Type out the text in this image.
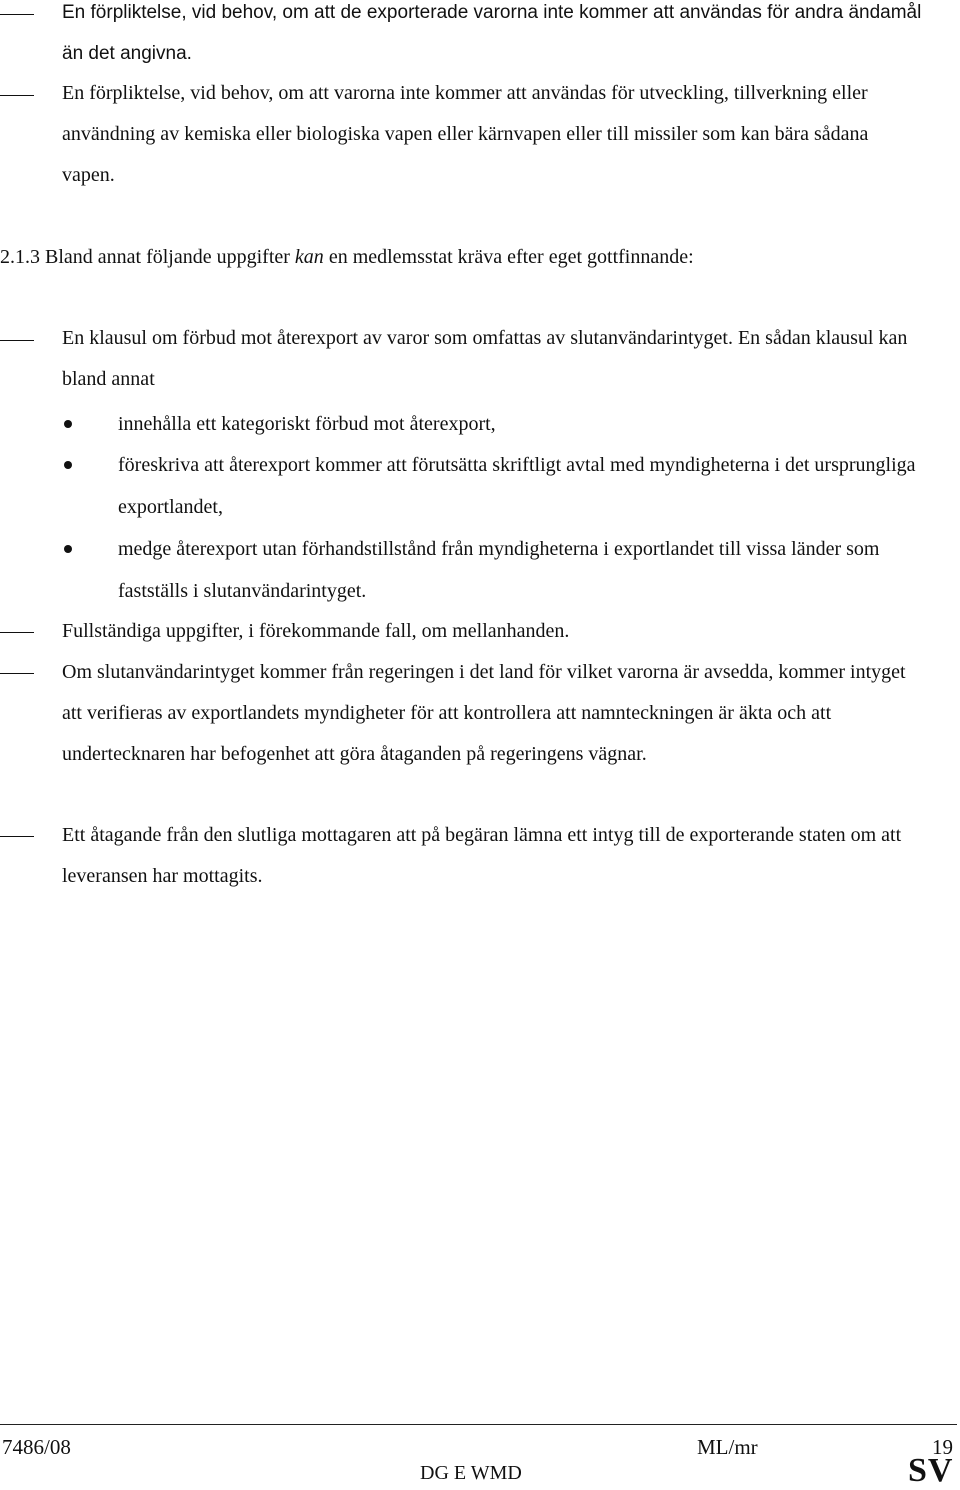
En förpliktelse, vid behov, om att de exporterade varorna inte kommer att användas för andra ändamål än det angivna.

En förpliktelse, vid behov, om att varorna inte kommer att användas för utveckling, tillverkning eller användning av kemiska eller biologiska vapen eller kärnvapen eller till missiler som kan bära sådana vapen.

2.1.3 Bland annat följande uppgifter kan en medlemsstat kräva efter eget gottfinnande:

En klausul om förbud mot återexport av varor som omfattas av slutanvändarintyget. En sådan klausul kan bland annat

innehålla ett kategoriskt förbud mot återexport,

föreskriva att återexport kommer att förutsätta skriftligt avtal med myndigheterna i det ursprungliga exportlandet,

medge återexport utan förhandstillstånd från myndigheterna i exportlandet till vissa länder som fastställs i slutanvändarintyget.

Fullständiga uppgifter, i förekommande fall, om mellanhanden.

Om slutanvändarintyget kommer från regeringen i det land för vilket varorna är avsedda, kommer intyget att verifieras av exportlandets myndigheter för att kontrollera att namnteckningen är äkta och att undertecknaren har befogenhet att göra åtaganden på regeringens vägnar.

Ett åtagande från den slutliga mottagaren att på begäran lämna ett intyg till de exporterande staten om att leveransen har mottagits.

7486/08	ML/mr	19
DG E WMD	SV
